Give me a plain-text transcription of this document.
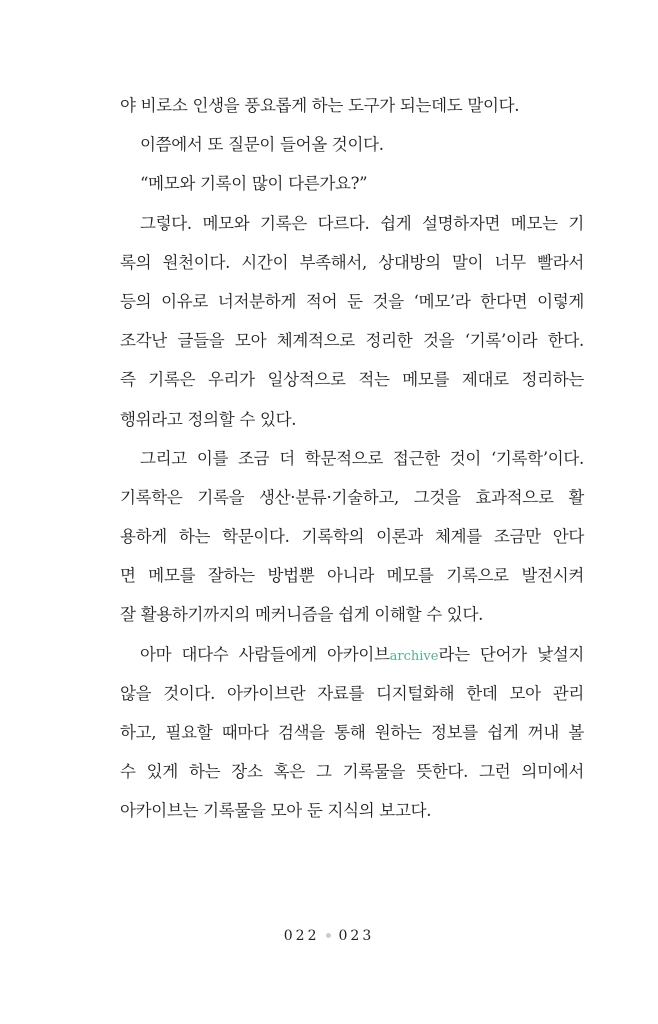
야 비로소 인생을 풍요롭게 하는 도구가 되는데도 말이다.
이쯤에서 또 질문이 들어올 것이다.
“메모와 기록이 많이 다른가요?”
그렇다. 메모와 기록은 다르다. 쉽게 설명하자면 메모는 기
록의 원천이다. 시간이 부족해서, 상대방의 말이 너무 빨라서
등의 이유로 너저분하게 적어 둔 것을 ‘메모’라 한다면 이렇게
조각난 글들을 모아 체계적으로 정리한 것을 ‘기록’이라 한다.
즉 기록은 우리가 일상적으로 적는 메모를 제대로 정리하는
행위라고 정의할 수 있다.
그리고 이를 조금 더 학문적으로 접근한 것이 ‘기록학’이다.
기록학은 기록을 생산·분류·기술하고, 그것을 효과적으로 활
용하게 하는 학문이다. 기록학의 이론과 체계를 조금만 안다
면 메모를 잘하는 방법뿐 아니라 메모를 기록으로 발전시켜
잘 활용하기까지의 메커니즘을 쉽게 이해할 수 있다.
아마 대다수 사람들에게 아카이브archive라는 단어가 낯설지
않을 것이다. 아카이브란 자료를 디지털화해 한데 모아 관리
하고, 필요할 때마다 검색을 통해 원하는 정보를 쉽게 꺼내 볼
수 있게 하는 장소 혹은 그 기록물을 뜻한다. 그런 의미에서
아카이브는 기록물을 모아 둔 지식의 보고다.
022 023
